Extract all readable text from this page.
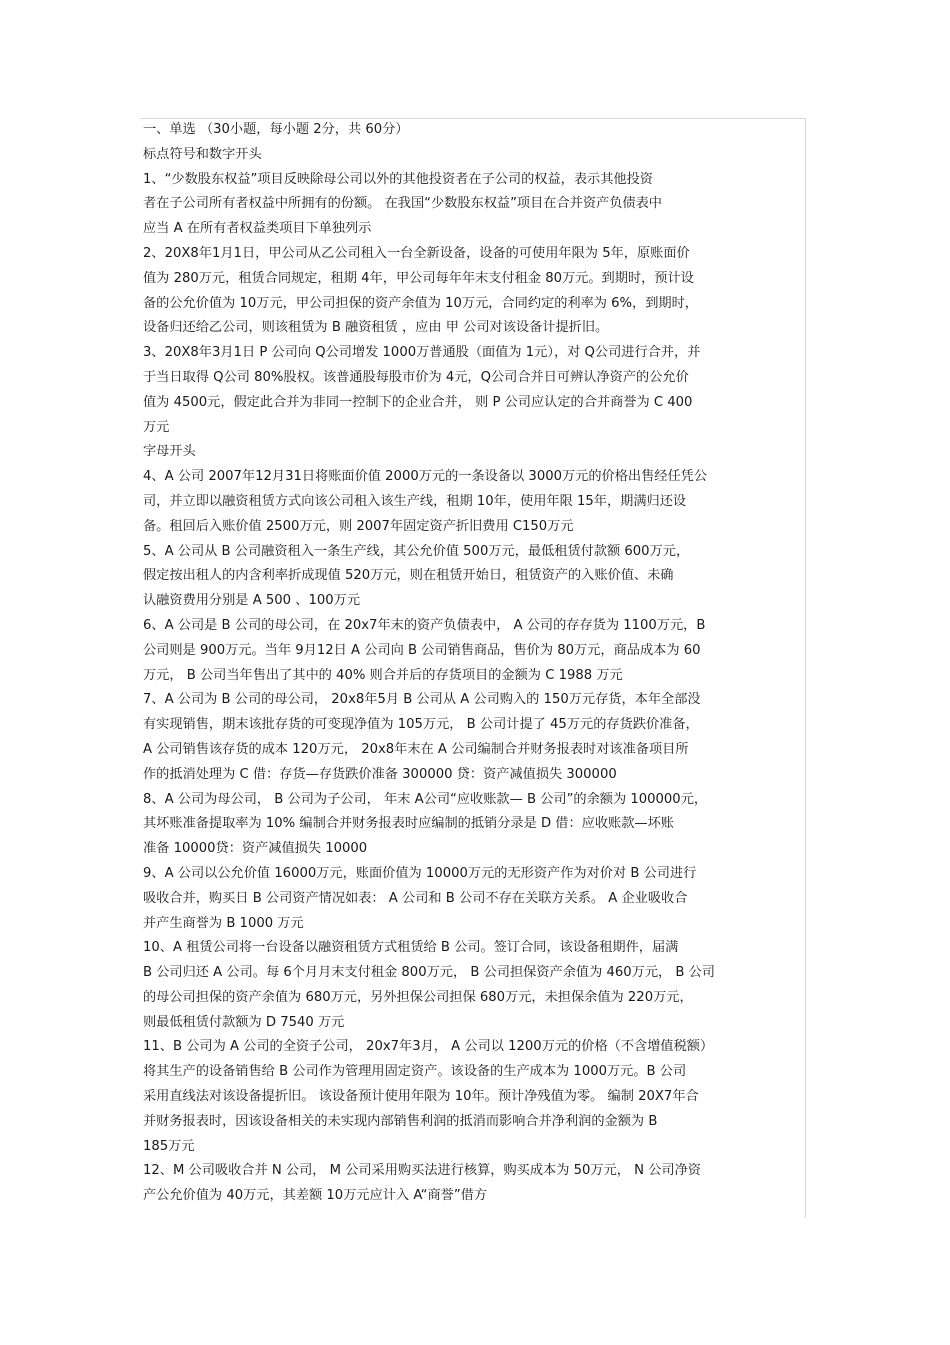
一、单选 （30小题，每小题 2分，共 60分）
标点符号和数字开头
1、“少数股东权益”项目反映除母公司以外的其他投资者在子公司的权益，表示其他投资
者在子公司所有者权益中所拥有的份额。 在我国“少数股东权益”项目在合并资产负债表中
应当 A 在所有者权益类项目下单独列示
2、20X8年1月1日，甲公司从乙公司租入一台全新设备，设备的可使用年限为 5年，原账面价
值为 280万元，租赁合同规定，租期 4年，甲公司每年年末支付租金 80万元。到期时，预计设
备的公允价值为 10万元，甲公司担保的资产余值为 10万元，合同约定的利率为 6%，到期时，
设备归还给乙公司，则该租赁为 B 融资租赁 ，应由 甲 公司对该设备计提折旧。
3、20X8年3月1日 P 公司向 Q公司增发 1000万普通股（面值为 1元），对 Q公司进行合并，并
于当日取得 Q公司 80%股权。该普通股每股市价为 4元，Q公司合并日可辨认净资产的公允价
值为 4500元，假定此合并为非同一控制下的企业合并， 则 P 公司应认定的合并商誉为 C 400
万元
字母开头
4、A 公司 2007年12月31日将账面价值 2000万元的一条设备以 3000万元的价格出售经任凭公
司，并立即以融资租赁方式向该公司租入该生产线，租期 10年，使用年限 15年，期满归还设
备。租回后入账价值 2500万元，则 2007年固定资产折旧费用 C150万元
5、A 公司从 B 公司融资租入一条生产线，其公允价值 500万元，最低租赁付款额 600万元，
假定按出租人的内含利率折成现值 520万元，则在租赁开始日，租赁资产的入账价值、未确
认融资费用分别是 A 500 、100万元
6、A 公司是 B 公司的母公司，在 20x7年末的资产负债表中， A 公司的存存货为 1100万元，B
公司则是 900万元。当年 9月12日 A 公司向 B 公司销售商品，售价为 80万元，商品成本为 60
万元， B 公司当年售出了其中的 40% 则合并后的存货项目的金额为 C 1988 万元
7、A 公司为 B 公司的母公司， 20x8年5月 B 公司从 A 公司购入的 150万元存货，本年全部没
有实现销售，期末该批存货的可变现净值为 105万元， B 公司计提了 45万元的存货跌价准备，
A 公司销售该存货的成本 120万元， 20x8年末在 A 公司编制合并财务报表时对该准备项目所
作的抵消处理为 C 借：存货—存货跌价准备 300000 贷：资产减值损失 300000
8、A 公司为母公司， B 公司为子公司， 年末 A公司“应收账款— B 公司”的余额为 100000元，
其坏账准备提取率为 10% 编制合并财务报表时应编制的抵销分录是 D 借：应收账款—坏账
准备 10000贷：资产减值损失 10000
9、A 公司以公允价值 16000万元，账面价值为 10000万元的无形资产作为对价对 B 公司进行
吸收合并，购买日 B 公司资产情况如表： A 公司和 B 公司不存在关联方关系。 A 企业吸收合
并产生商誉为 B 1000 万元
10、A 租赁公司将一台设备以融资租赁方式租赁给 B 公司。签订合同，该设备租期件，届满
B 公司归还 A 公司。每 6个月月末支付租金 800万元， B 公司担保资产余值为 460万元， B 公司
的母公司担保的资产余值为 680万元，另外担保公司担保 680万元，未担保余值为 220万元，
则最低租赁付款额为 D 7540 万元
11、B 公司为 A 公司的全资子公司， 20x7年3月， A 公司以 1200万元的价格（不含增值税额）
将其生产的设备销售给 B 公司作为管理用固定资产。该设备的生产成本为 1000万元。B 公司
采用直线法对该设备提折旧。 该设备预计使用年限为 10年。预计净残值为零。 编制 20X7年合
并财务报表时，因该设备相关的未实现内部销售利润的抵消而影响合并净利润的金额为 B
185万元
12、M 公司吸收合并 N 公司， M 公司采用购买法进行核算，购买成本为 50万元， N 公司净资
产公允价值为 40万元，其差额 10万元应计入 A“商誉”借方
